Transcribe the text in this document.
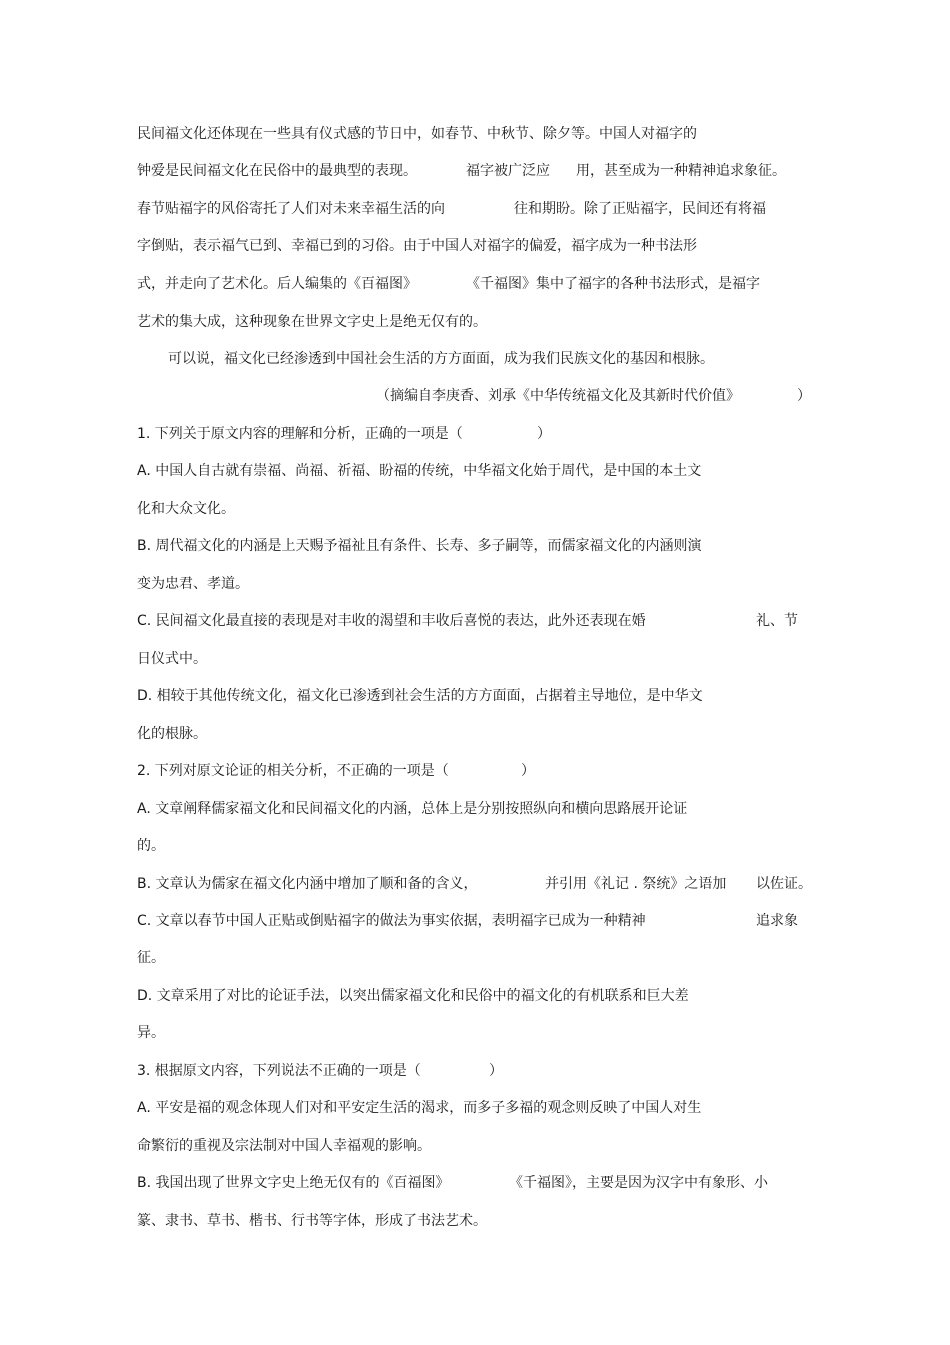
民间福文化还体现在一些具有仪式感的节日中，如春节、中秋节、除夕等。中国人对福字的
钟爱是民间福文化在民俗中的最典型的表现。	福字被广泛应 用，甚至成为一种精神追求象征。
春节贴福字的风俗寄托了人们对未来幸福生活的向	往和期盼。除了正贴福字，民间还有将福
字倒贴，表示福气已到、幸福已到的习俗。由于中国人对福字的偏爱，福字成为一种书法形
式，并走向了艺术化。后人编集的《百福图》	《千福图》集中了福字的各种书法形式，是福字
艺术的集大成，这种现象在世界文字史上是绝无仅有的。
可以说，福文化已经渗透到中国社会生活的方方面面，成为我们民族文化的基因和根脉。
（摘编自李庚香、刘承《中华传统福文化及其新时代价值》	）
1. 下列关于原文内容的理解和分析，正确的一项是（	）
A. 中国人自古就有崇福、尚福、祈福、盼福的传统，中华福文化始于周代，是中国的本土文
化和大众文化。
B. 周代福文化的内涵是上天赐予福祉且有条件、长寿、多子嗣等，而儒家福文化的内涵则演
变为忠君、孝道。
C. 民间福文化最直接的表现是对丰收的渴望和丰收后喜悦的表达，此外还表现在婚	礼、节
日仪式中。
D. 相较于其他传统文化，福文化已渗透到社会生活的方方面面，占据着主导地位，是中华文
化的根脉。
2. 下列对原文论证的相关分析，不正确的一项是（	）
A. 文章阐释儒家福文化和民间福文化的内涵，总体上是分别按照纵向和横向思路展开论证
的。
B. 文章认为儒家在福文化内涵中增加了顺和备的含义，	并引用《礼记 . 祭统》之语加 以佐证。
C. 文章以春节中国人正贴或倒贴福字的做法为事实依据，表明福字已成为一种精神	追求象
征。
D. 文章采用了对比的论证手法，以突出儒家福文化和民俗中的福文化的有机联系和巨大差
异。
3. 根据原文内容，下列说法不正确的一项是（	）
A. 平安是福的观念体现人们对和平安定生活的渴求，而多子多福的观念则反映了中国人对生
命繁衍的重视及宗法制对中国人幸福观的影响。
B. 我国出现了世界文字史上绝无仅有的《百福图》	《千福图》，主要是因为汉字中有象形、小
篆、隶书、草书、楷书、行书等字体，形成了书法艺术。
